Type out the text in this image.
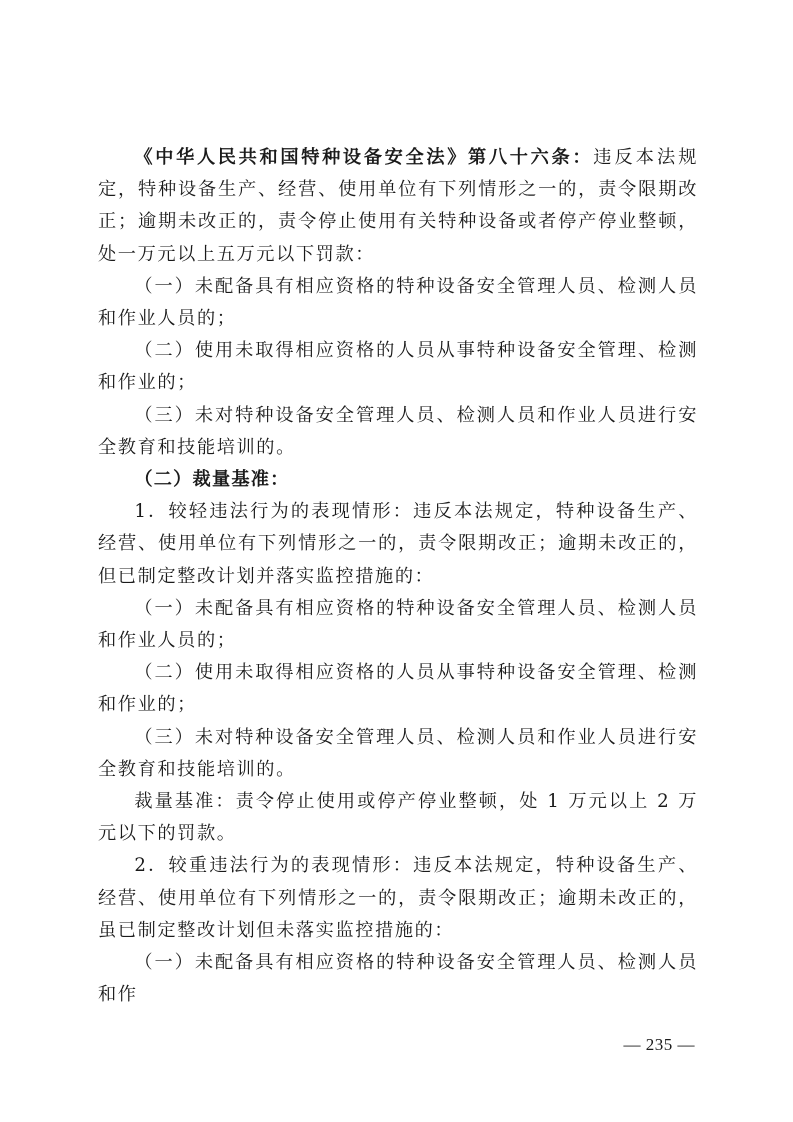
《中华人民共和国特种设备安全法》第八十六条：违反本法规定，特种设备生产、经营、使用单位有下列情形之一的，责令限期改正；逾期未改正的，责令停止使用有关特种设备或者停产停业整顿，处一万元以上五万元以下罚款：

（一）未配备具有相应资格的特种设备安全管理人员、检测人员和作业人员的；

（二）使用未取得相应资格的人员从事特种设备安全管理、检测和作业的；

（三）未对特种设备安全管理人员、检测人员和作业人员进行安全教育和技能培训的。

（二）裁量基准：

1．较轻违法行为的表现情形：违反本法规定，特种设备生产、经营、使用单位有下列情形之一的，责令限期改正；逾期未改正的，但已制定整改计划并落实监控措施的：

（一）未配备具有相应资格的特种设备安全管理人员、检测人员和作业人员的；

（二）使用未取得相应资格的人员从事特种设备安全管理、检测和作业的；

（三）未对特种设备安全管理人员、检测人员和作业人员进行安全教育和技能培训的。

裁量基准：责令停止使用或停产停业整顿，处 1 万元以上 2 万元以下的罚款。

2．较重违法行为的表现情形：违反本法规定，特种设备生产、经营、使用单位有下列情形之一的，责令限期改正；逾期未改正的，虽已制定整改计划但未落实监控措施的：

（一）未配备具有相应资格的特种设备安全管理人员、检测人员和作

— 235 —
